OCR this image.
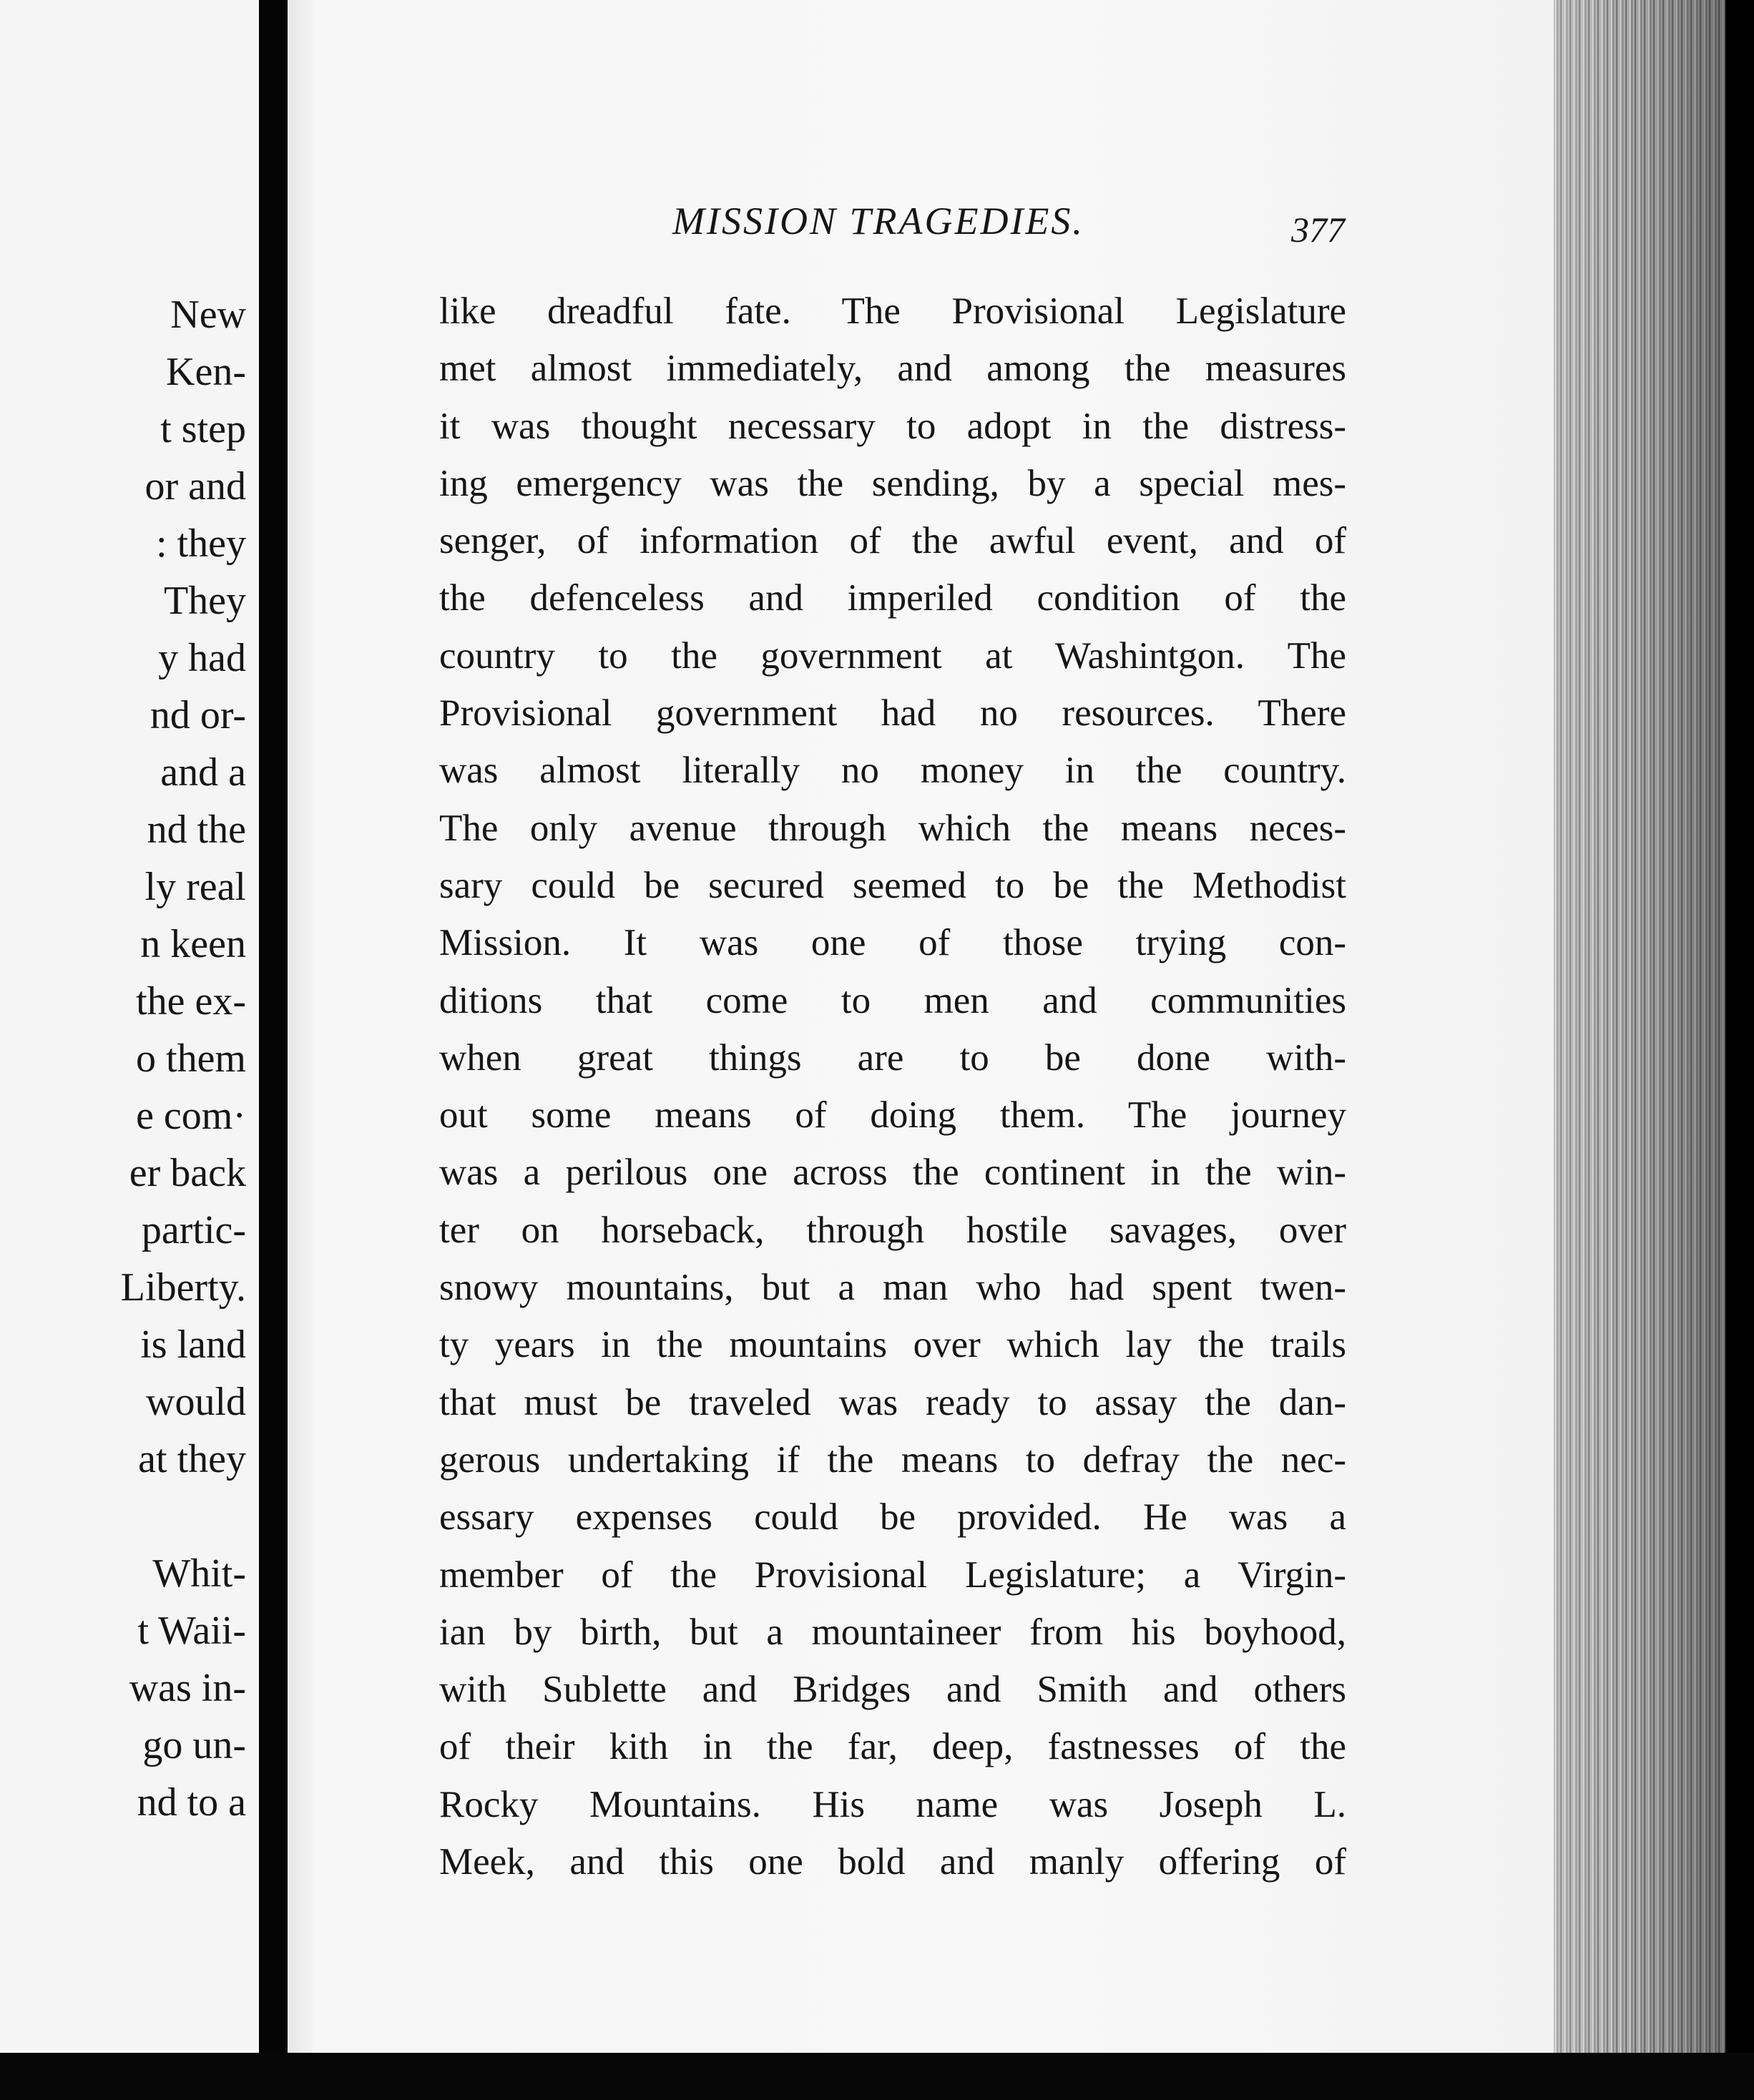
New
Ken-
t step
or and
: they
They
y had
nd or-
and a
nd the
ly real
n keen
the ex-
o them
e com·
er back
partic-
Liberty.
is land
would
at they
Whit-
t Waii-
was in-
go un-
nd to a
MISSION TRAGEDIES.	377
like dreadful fate. The Provisional Legislature
met almost immediately, and among the measures
it was thought necessary to adopt in the distress-
ing emergency was the sending, by a special mes-
senger, of information of the awful event, and of
the defenceless and imperiled condition of the
country to the government at Washintgon. The
Provisional government had no resources. There
was almost literally no money in the country.
The only avenue through which the means neces-
sary could be secured seemed to be the Methodist
Mission. It was one of those trying con-
ditions that come to men and communities
when great things are to be done with-
out some means of doing them. The journey
was a perilous one across the continent in the win-
ter on horseback, through hostile savages, over
snowy mountains, but a man who had spent twen-
ty years in the mountains over which lay the trails
that must be traveled was ready to assay the dan-
gerous undertaking if the means to defray the nec-
essary expenses could be provided. He was a
member of the Provisional Legislature; a Virgin-
ian by birth, but a mountaineer from his boyhood,
with Sublette and Bridges and Smith and others
of their kith in the far, deep, fastnesses of the
Rocky Mountains. His name was Joseph L.
Meek, and this one bold and manly offering of
